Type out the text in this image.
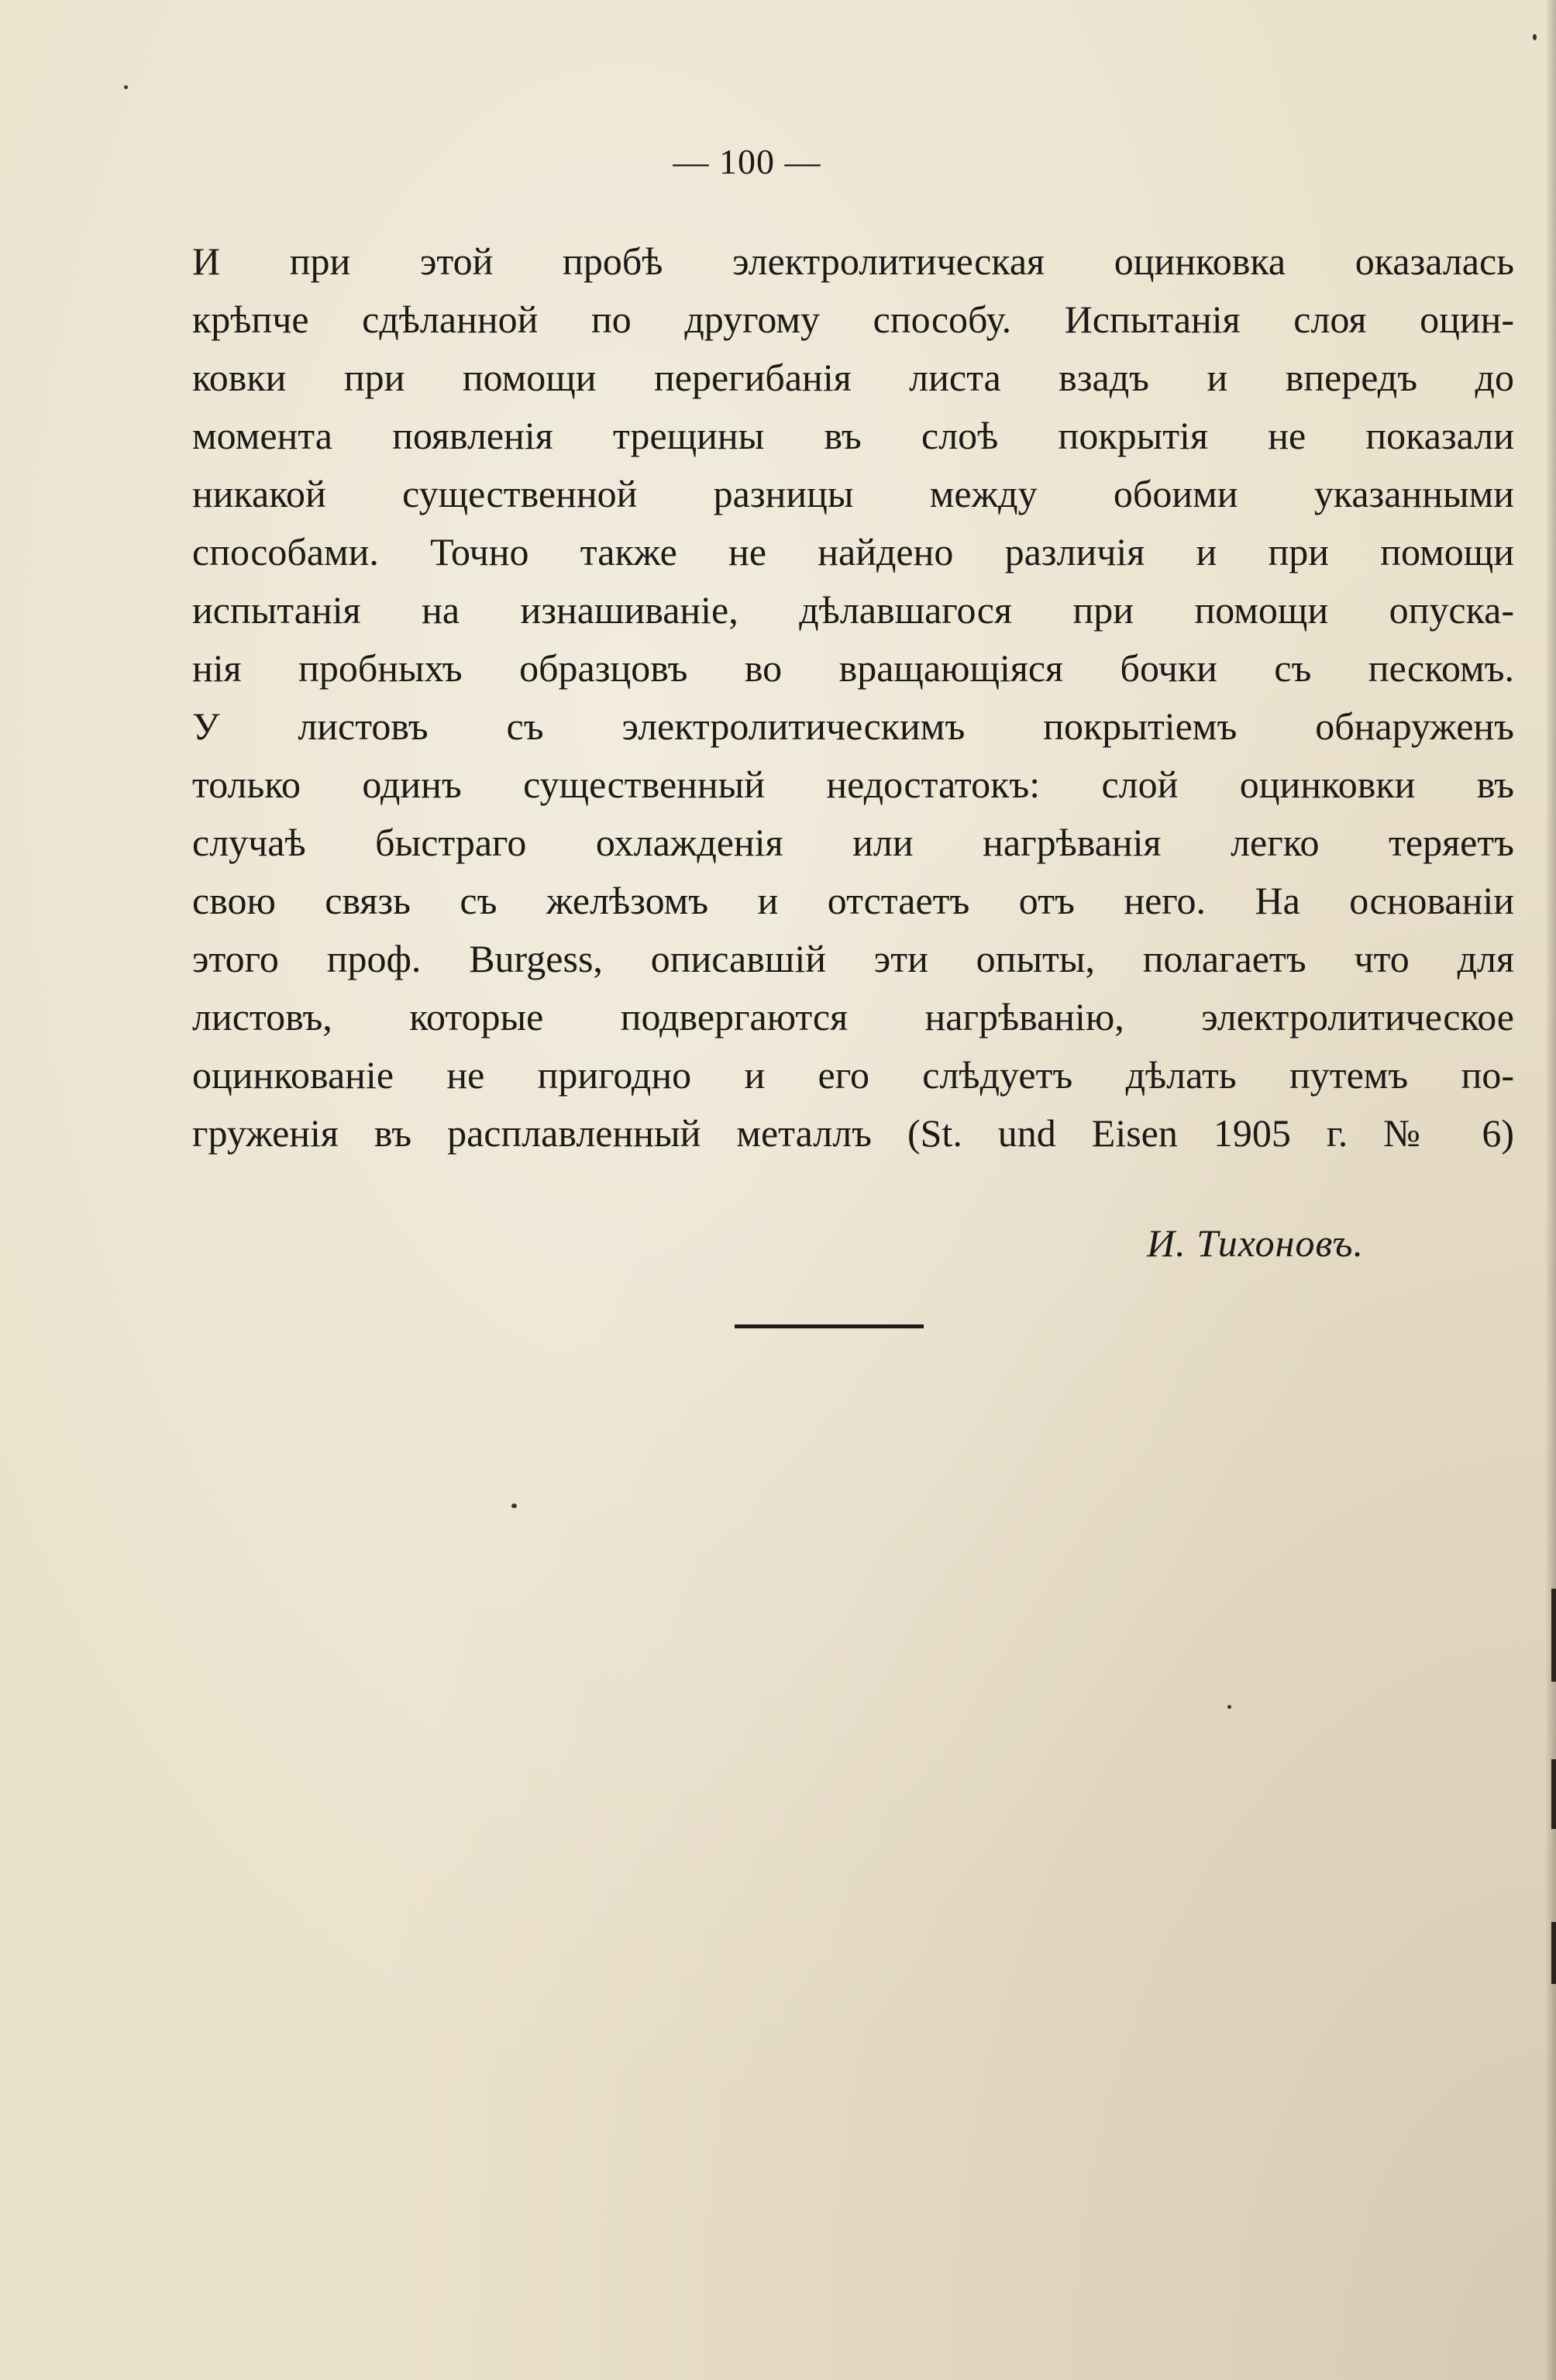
— 100 —
И при этой пробѣ электролитическая оцинковка оказалась
крѣпче сдѣланной по другому способу. Испытанія слоя оцин-
ковки при помощи перегибанія листа взадъ и впередъ до
момента появленія трещины въ слоѣ покрытія не показали
никакой существенной разницы между обоими указанными
способами. Точно также не найдено различія и при помощи
испытанія на изнашиваніе, дѣлавшагося при помощи опуска-
нія пробныхъ образцовъ во вращающіяся бочки съ пескомъ.
У листовъ съ электролитическимъ покрытіемъ обнаруженъ
только одинъ существенный недостатокъ: слой оцинковки въ
случаѣ быстраго охлажденія или нагрѣванія легко теряетъ
свою связь съ желѣзомъ и отстаетъ отъ него. На основаніи
этого проф. Burgess, описавшій эти опыты, полагаетъ что для
листовъ, которые подвергаются нагрѣванію, электролитическое
оцинкованіе не пригодно и его слѣдуетъ дѣлать путемъ по-
груженія въ расплавленный металлъ (St. und Eisen 1905 г. № 6)
И. Тихоновъ.
